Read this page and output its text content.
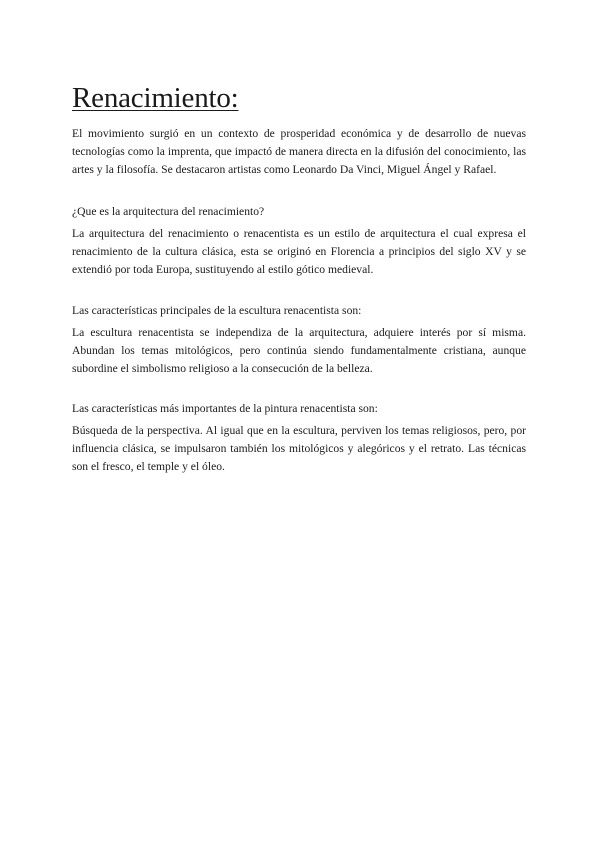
Renacimiento:

El movimiento surgió en un contexto de prosperidad económica y de desarrollo de nuevas tecnologías como la imprenta, que impactó de manera directa en la difusión del conocimiento, las artes y la filosofía. Se destacaron artistas como Leonardo Da Vinci, Miguel Ángel y Rafael.

¿Que es la arquitectura del renacimiento?

La arquitectura del renacimiento o renacentista es un estilo de arquitectura el cual expresa el renacimiento de la cultura clásica, esta se originó en Florencia a principios del siglo XV y se extendió por toda Europa, sustituyendo al estilo gótico medieval.

Las características principales de la escultura renacentista son:

La escultura renacentista se independiza de la arquitectura, adquiere interés por sí misma. Abundan los temas mitológicos, pero continúa siendo fundamentalmente cristiana, aunque subordine el simbolismo religioso a la consecución de la belleza.

Las características más importantes de la pintura renacentista son:

Búsqueda de la perspectiva. Al igual que en la escultura, perviven los temas religiosos, pero, por influencia clásica, se impulsaron también los mitológicos y alegóricos y el retrato. Las técnicas son el fresco, el temple y el óleo.
